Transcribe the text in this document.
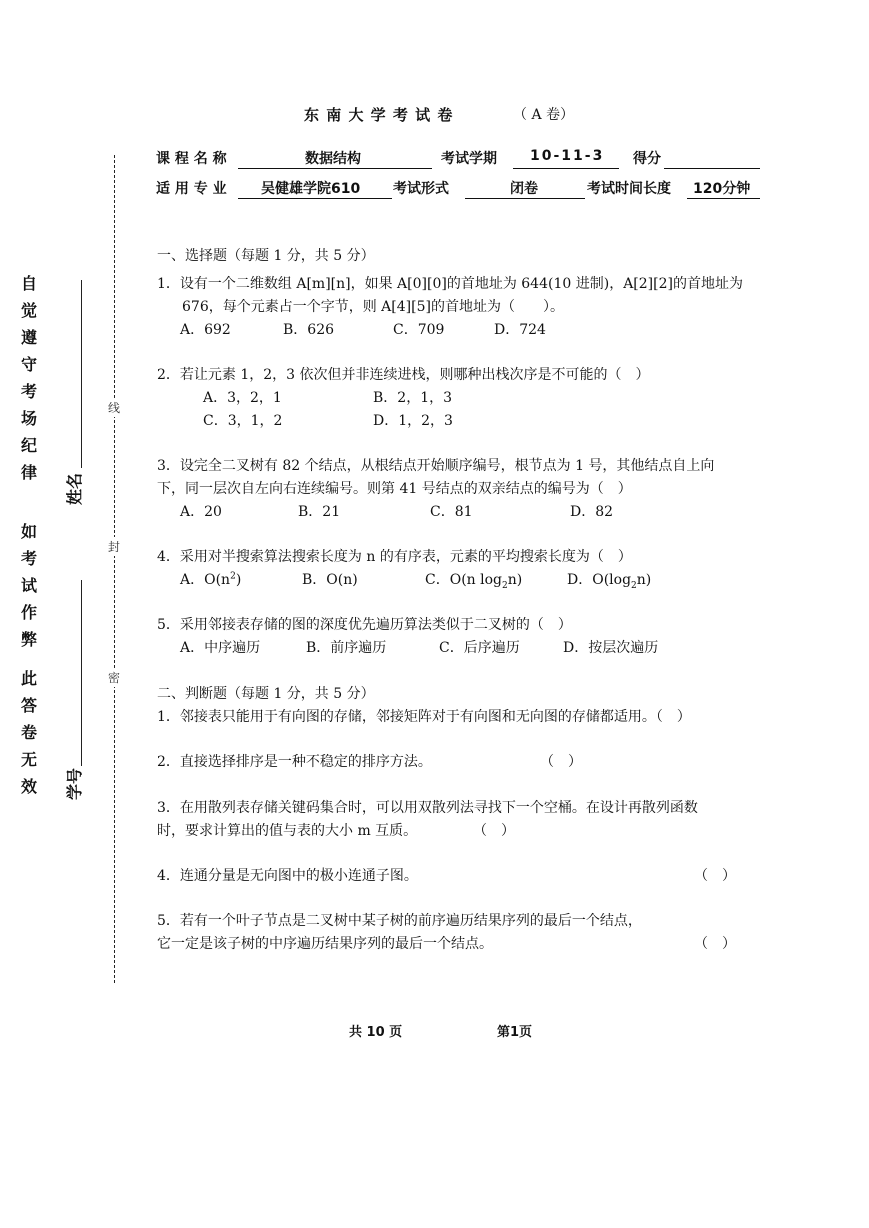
东 南 大 学 考 试 卷	（ A 卷）
课 程 名 称	数据结构	考试学期 10-11-3 得分
适 用 专 业 吴健雄学院610 考试形式	闭卷	考试时间长度 120分钟
线
封
密
姓名
学号
自
觉
遵
守
考
场
纪
律
如
考
试
作
弊
此
答
卷
无
效
一、选择题（每题 1 分，共 5 分）
1．设有一个二维数组 A[m][n]，如果 A[0][0]的首地址为 644(10 进制)，A[2][2]的首地址为
676，每个元素占一个字节，则 A[4][5]的首地址为（　　）。
A．692	B．626	C．709	D．724
2．若让元素 1，2，3 依次但并非连续进栈，则哪种出栈次序是不可能的（　）
A．3，2，1	B．2，1，3
C．3，1，2	D．1，2，3
3．设完全二叉树有 82 个结点，从根结点开始顺序编号，根节点为 1 号，其他结点自上向
下，同一层次自左向右连续编号。则第 41 号结点的双亲结点的编号为（　）
A．20	B．21	C．81	D．82
4．采用对半搜索算法搜索长度为 n 的有序表，元素的平均搜索长度为（　）
A．$O(n^2)$	B．O(n)	C．O(n $\log_2n$)	D．$O(\log_2n)$
5．采用邻接表存储的图的深度优先遍历算法类似于二叉树的（　）
A．中序遍历	B．前序遍历	C．后序遍历	D．按层次遍历
二、判断题（每题 1 分，共 5 分）
1．邻接表只能用于有向图的存储，邻接矩阵对于有向图和无向图的存储都适用。（　）
2．直接选择排序是一种不稳定的排序方法。	（　）
3．在用散列表存储关键码集合时，可以用双散列法寻找下一个空桶。在设计再散列函数
时，要求计算出的值与表的大小 m 互质。	（　）
4．连通分量是无向图中的极小连通子图。	（　）
5．若有一个叶子节点是二叉树中某子树的前序遍历结果序列的最后一个结点，
它一定是该子树的中序遍历结果序列的最后一个结点。	（　）
共 10 页	第1页
